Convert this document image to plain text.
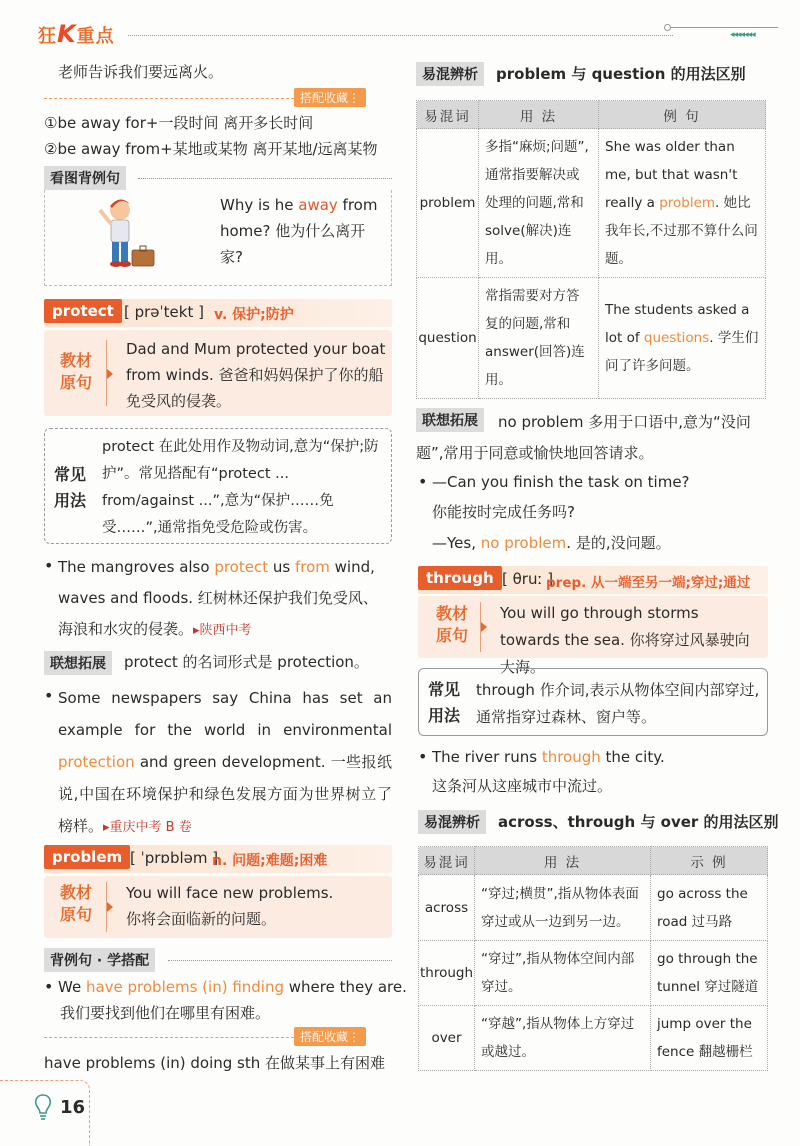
狂K重点	◂◂◂◂◂◂◂
老师告诉我们要远离火。
搭配收藏⋮
①be away for+一段时间 离开多长时间
②be away from+某地或某物 离开某地/远离某物
看图背例句
Why is he away from home? 他为什么离开家?
protect [ prəˈtekt ] v. 保护;防护
教材原句
Dad and Mum protected your boat from winds. 爸爸和妈妈保护了你的船免受风的侵袭。
常见用法
protect 在此处用作及物动词,意为“保护;防护”。常见搭配有“protect ... from/against ...”,意为“保护……免受……”,通常指免受危险或伤害。
• The mangroves also protect us from wind, waves and floods. 红树林还保护我们免受风、海浪和水灾的侵袭。▸陕西中考
联想拓展	protect 的名词形式是 protection。
• Some newspapers say China has set an example for the world in environmental protection and green development. 一些报纸说,中国在环境保护和绿色发展方面为世界树立了榜样。▸重庆中考 B 卷
problem [ ˈprɒbləm ]
n. 问题;难题;困难
教材原句
You will face new problems.
你将会面临新的问题。
背例句 · 学搭配
• We have problems (in) finding where they are.
我们要找到他们在哪里有困难。
搭配收藏⋮
have problems (in) doing sth 在做某事上有困难
16
易混辨析	problem 与 question 的用法区别
易混词	用 法	例 句
problem	多指“麻烦;问题”,通常指要解决或处理的问题,常和 solve(解决)连用。	She was older than me, but that wasn't really a problem. 她比我年长,不过那不算什么问题。
question	常指需要对方答复的问题,常和 answer(回答)连用。	The students asked a lot of questions. 学生们问了许多问题。
联想拓展	no problem 多用于口语中,意为“没问题”,常用于同意或愉快地回答请求。
• —Can you finish the task on time?
你能按时完成任务吗?
—Yes, no problem. 是的,没问题。
through [ θruː ]
prep. 从一端至另一端;穿过;通过
教材原句
You will go through storms towards the sea. 你将穿过风暴驶向大海。
常见用法
through 作介词,表示从物体空间内部穿过,通常指穿过森林、窗户等。
• The river runs through the city.
这条河从这座城市中流过。
易混辨析	across、through 与 over 的用法区别
易混词	用 法	示 例
across	“穿过;横贯”,指从物体表面穿过或从一边到另一边。	go across the road 过马路
through	“穿过”,指从物体空间内部穿过。	go through the tunnel 穿过隧道
over	“穿越”,指从物体上方穿过或越过。	jump over the fence 翻越栅栏
